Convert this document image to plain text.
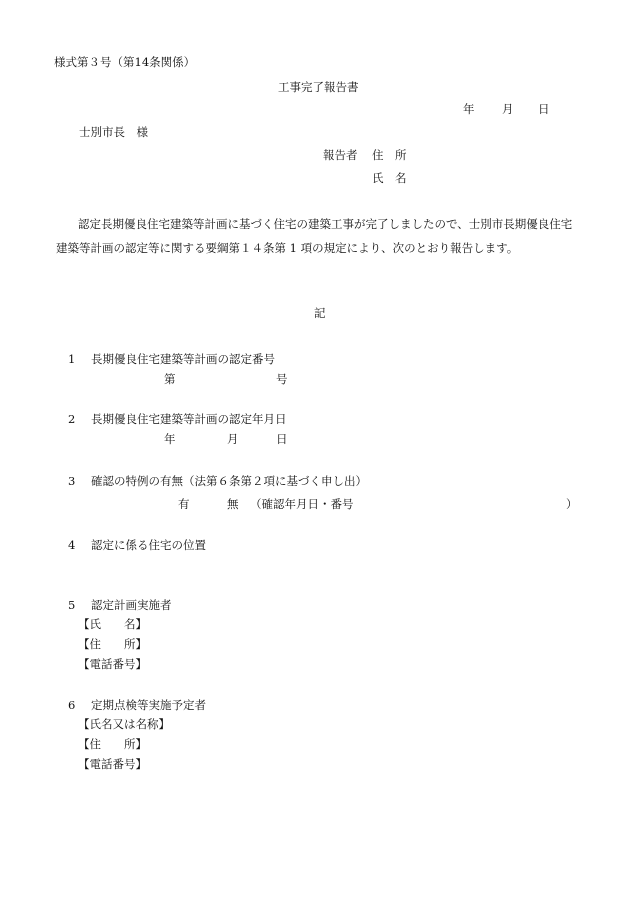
様式第３号（第14条関係）
工事完了報告書
年 月 日
士別市長　様
報告者 住　所
氏　名
認定長期優良住宅建築等計画に基づく住宅の建築工事が完了しましたので、士別市長期優良住宅建築等計画の認定等に関する要綱第１４条第 1 項の規定により、次のとおり報告します。
記
1 長期優良住宅建築等計画の認定番号
第	号
2 長期優良住宅建築等計画の認定年月日
年	月	日
3 確認の特例の有無（法第６条第２項に基づく申し出）
有	無 （確認年月日・番号	）
4 認定に係る住宅の位置
5 認定計画実施者
【氏　　名】
【住　　所】
【電話番号】
6 定期点検等実施予定者
【氏名又は名称】
【住　　所】
【電話番号】
